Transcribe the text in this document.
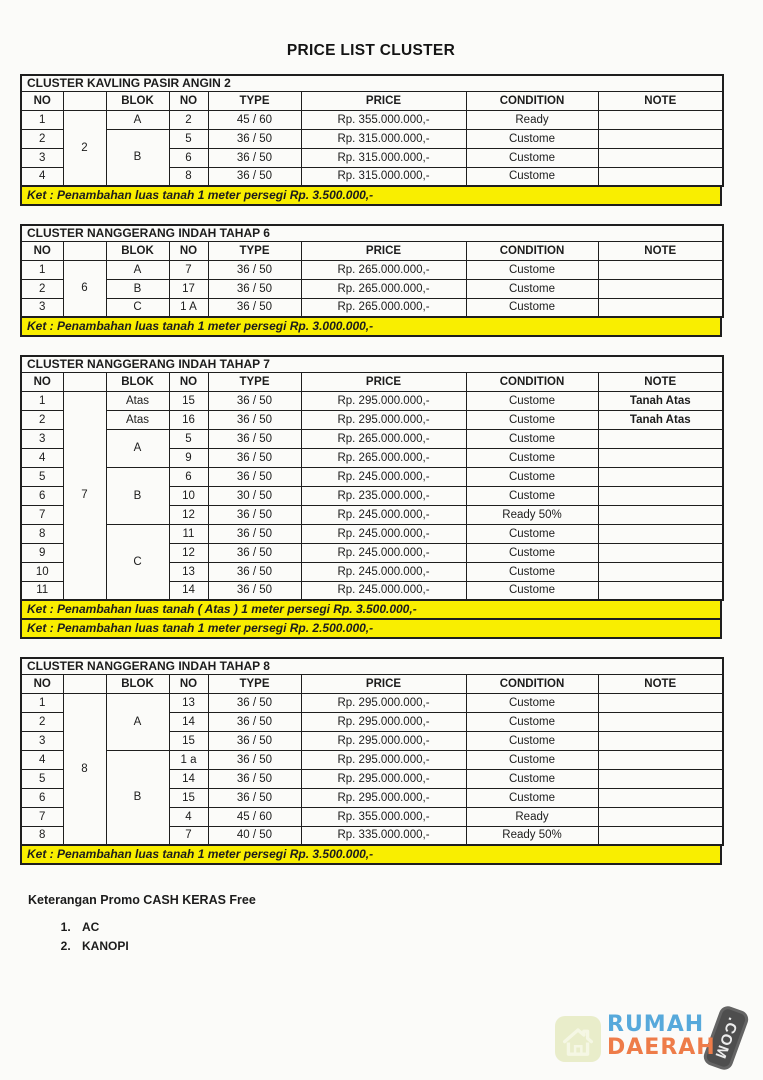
PRICE LIST CLUSTER
CLUSTER KAVLING PASIR ANGIN 2							
NO		BLOK	NO	TYPE	PRICE	CONDITION	NOTE
1	2	A	2	45 / 60	Rp. 355.000.000,-	Ready	
2		B	5	36 / 50	Rp. 315.000.000,-	Custome	
3			6	36 / 50	Rp. 315.000.000,-	Custome	
4			8	36 / 50	Rp. 315.000.000,-	Custome	
Ket : Penambahan luas tanah 1 meter persegi Rp. 3.500.000,-
CLUSTER NANGGERANG INDAH TAHAP 6							
NO		BLOK	NO	TYPE	PRICE	CONDITION	NOTE
1	6	A	7	36 / 50	Rp. 265.000.000,-	Custome	
2		B	17	36 / 50	Rp. 265.000.000,-	Custome	
3		C	1 A	36 / 50	Rp. 265.000.000,-	Custome	
Ket : Penambahan luas tanah 1 meter persegi Rp. 3.000.000,-
CLUSTER NANGGERANG INDAH TAHAP 7							
NO		BLOK	NO	TYPE	PRICE	CONDITION	NOTE
1	7	Atas	15	36 / 50	Rp. 295.000.000,-	Custome	Tanah Atas
2		Atas	16	36 / 50	Rp. 295.000.000,-	Custome	Tanah Atas
3		A	5	36 / 50	Rp. 265.000.000,-	Custome	
4			9	36 / 50	Rp. 265.000.000,-	Custome	
5		B	6	36 / 50	Rp. 245.000.000,-	Custome	
6			10	30 / 50	Rp. 235.000.000,-	Custome	
7			12	36 / 50	Rp. 245.000.000,-	Ready 50%	
8		C	11	36 / 50	Rp. 245.000.000,-	Custome	
9			12	36 / 50	Rp. 245.000.000,-	Custome	
10			13	36 / 50	Rp. 245.000.000,-	Custome	
11			14	36 / 50	Rp. 245.000.000,-	Custome	
Ket : Penambahan luas tanah ( Atas ) 1 meter persegi Rp. 3.500.000,-
Ket : Penambahan luas tanah 1 meter persegi Rp. 2.500.000,-
CLUSTER NANGGERANG INDAH TAHAP 8							
NO		BLOK	NO	TYPE	PRICE	CONDITION	NOTE
1	8	A	13	36 / 50	Rp. 295.000.000,-	Custome	
2			14	36 / 50	Rp. 295.000.000,-	Custome	
3			15	36 / 50	Rp. 295.000.000,-	Custome	
4		B	1 a	36 / 50	Rp. 295.000.000,-	Custome	
5			14	36 / 50	Rp. 295.000.000,-	Custome	
6			15	36 / 50	Rp. 295.000.000,-	Custome	
7			4	45 / 60	Rp. 355.000.000,-	Ready	
8			7	40 / 50	Rp. 335.000.000,-	Ready 50%	
Ket : Penambahan luas tanah 1 meter persegi Rp. 3.500.000,-
Keterangan Promo CASH KERAS Free
1. AC
2. KANOPI
.COM
RUMAH
DAERAH
